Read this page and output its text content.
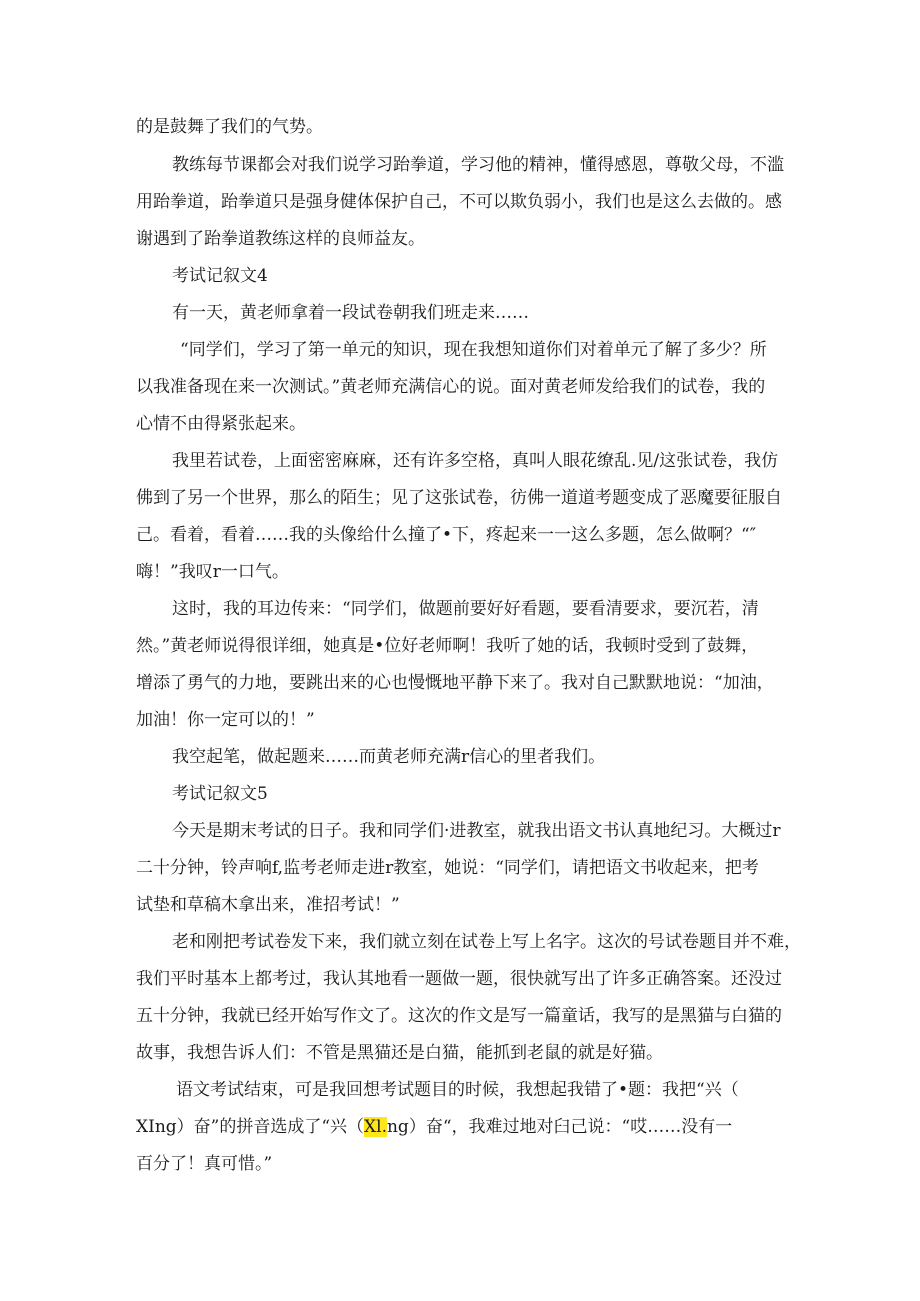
的是鼓舞了我们的气势。
教练每节课都会对我们说学习跆拳道，学习他的精神，懂得感恩，尊敬父母，不滥
用跆拳道，跆拳道只是强身健体保护自己，不可以欺负弱小，我们也是这么去做的。感
谢遇到了跆拳道教练这样的良师益友。
考试记叙文4
有一天，黄老师拿着一段试卷朝我们班走来……
“同学们，学习了第一单元的知识，现在我想知道你们对着单元了解了多少？所
以我准备现在来一次测试。”黄老师充满信心的说。面对黄老师发给我们的试卷，我的
心情不由得紧张起来。
我里若试卷，上面密密麻麻，还有许多空格，真叫人眼花缭乱.见/这张试卷，我仿
佛到了另一个世界，那么的陌生；见了这张试卷，彷佛一道道考题变成了恶魔要征服自
己。看着，看着……我的头像给什么撞了•下，疼起来一一这么多题，怎么做啊？“″
嗨！”我叹r一口气。
这时，我的耳边传来：“同学们，做题前要好好看题，要看清要求，要沉若，清
然。”黄老师说得很详细，她真是•位好老师啊！我听了她的话，我顿时受到了鼓舞，
增添了勇气的力地，要跳出来的心也慢慨地平静下来了。我对自己默默地说：“加油，
加油！你一定可以的！”
我空起笔，做起题来……而黄老师充满r信心的里者我们。
考试记叙文5
今天是期末考试的日子。我和同学们·进教室，就我出语文书认真地纪习。大概过r
二十分钟，铃声响f,监考老师走进r教室，她说：“同学们，请把语文书收起来，把考
试垫和草稿木拿出来，准招考试！”
老和刚把考试卷发下来，我们就立刻在试卷上写上名字。这次的号试卷题目并不难，
我们平时基本上都考过，我认其地看一题做一题，很快就写出了许多正确答案。还没过
五十分钟，我就已经开始写作文了。这次的作文是写一篇童话，我写的是黑猫与白猫的
故事，我想告诉人们：不管是黑猫还是白猫，能抓到老鼠的就是好猫。
语文考试结束，可是我回想考试题目的时候，我想起我错了•题：我把“兴（
XIng）奋”的拼音选成了“兴（Xl.ng）奋“，我难过地对臼己说：“哎……没有一
百分了！真可惜。”
